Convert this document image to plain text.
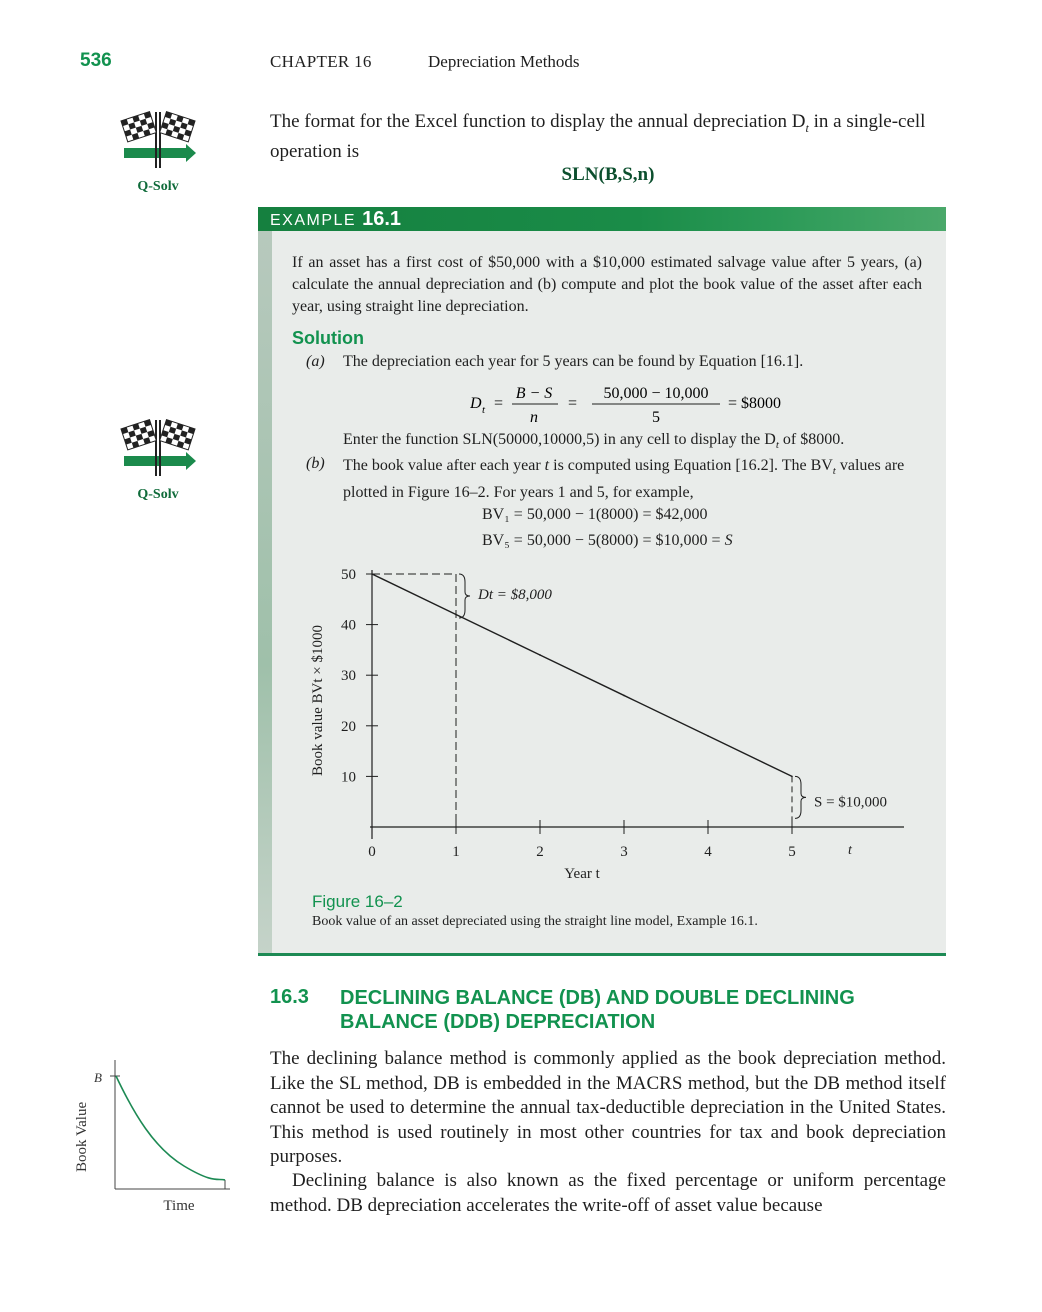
536	CHAPTER 16	Depreciation Methods
Q-Solv
Q-Solv
The format for the Excel function to display the annual depreciation $D_t$ in a single-cell operation is
SLN(B,S,n)
EXAMPLE 16.1
If an asset has a first cost of $50,000 with a $10,000 estimated salvage value after 5 years, (a) calculate the annual depreciation and (b) compute and plot the book value of the asset after each year, using straight line depreciation.
Solution
(a) The depreciation each year for 5 years can be found by Equation [16.1].
D t =
B − S
n
=
50,000 − 10,000
5
= $8000
Enter the function SLN(50000,10000,5) in any cell to display the $D_t$ of $8000.
(b) The book value after each year t is computed using Equation [16.2]. The $BV_t$ values are plotted in Figure 16–2. For years 1 and 5, for example,
BV₁ = 50,000 − 1(8000) = $42,000
BV₅ = 50,000 − 5(8000) = $10,000 = S
10
20
30
40
50
0	1	2	3	4	5	t
Year t
Book value BVt × $1000
Dt = $8,000
S = $10,000
Figure 16–2
Book value of an asset depreciated using the straight line model, Example 16.1.
16.3 DECLINING BALANCE (DB) AND DOUBLE DECLINING BALANCE (DDB) DEPRECIATION
Book Value
B
Time
The declining balance method is commonly applied as the book depreciation method. Like the SL method, DB is embedded in the MACRS method, but the DB method itself cannot be used to determine the annual tax-deductible depreciation in the United States. This method is used routinely in most other countries for tax and book depreciation purposes.
Declining balance is also known as the fixed percentage or uniform percentage method. DB depreciation accelerates the write-off of asset value because
